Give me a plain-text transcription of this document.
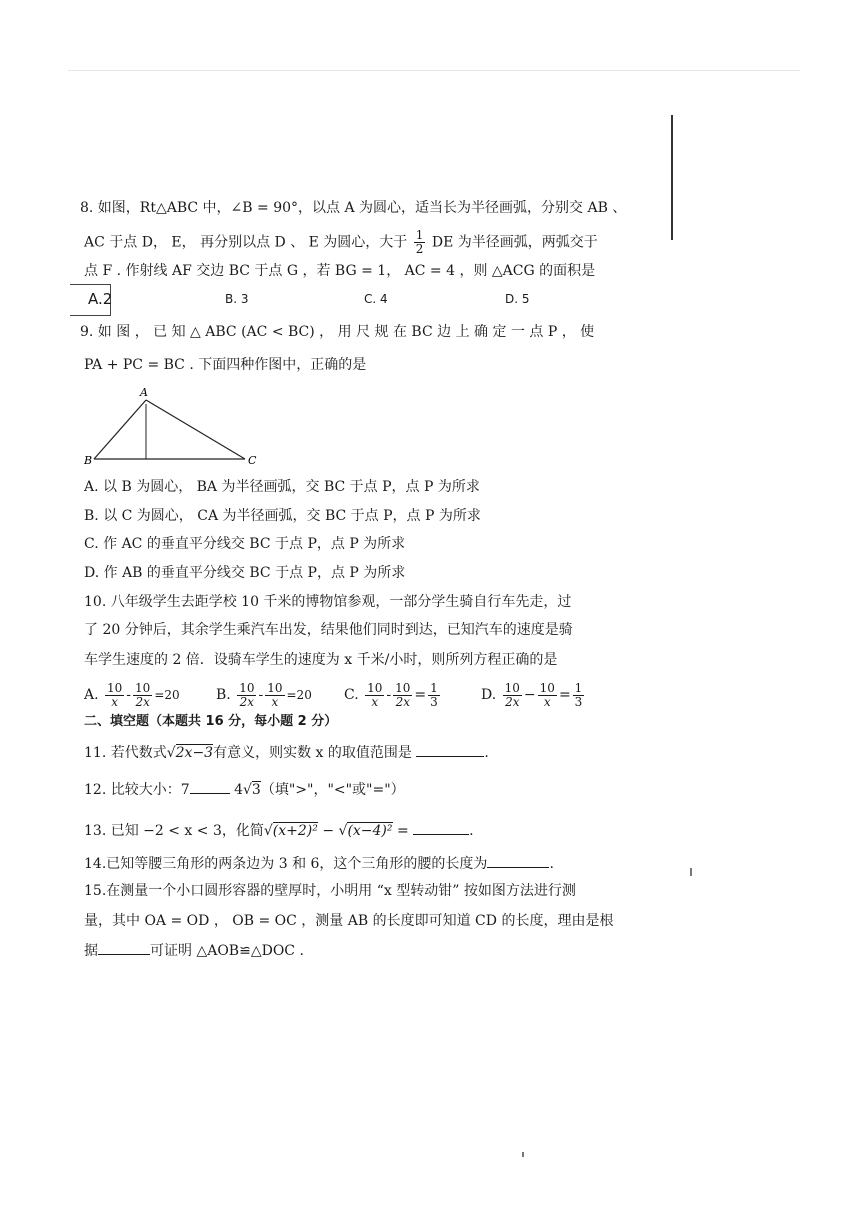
8. 如图，Rt△ABC 中，∠B = 90°，以点 A 为圆心，适当长为半径画弧，分别交 AB 、
AC 于点 D， E， 再分别以点 D 、 E 为圆心，大于 $\frac{1}{2}$ DE 为半径画弧，两弧交于
点 F . 作射线 AF 交边 BC 于点 G ，若 BG = 1， AC = 4 ，则 △ACG 的面积是
A.2	B. 3	C. 4	D. 5
9. 如 图 ， 已 知 △ ABC (AC < BC) ， 用 尺 规 在 BC 边 上 确 定 一 点 P ， 使
PA + PC = BC . 下面四种作图中，正确的是
A
B	C
A. 以 B 为圆心， BA 为半径画弧，交 BC 于点 P，点 P 为所求
B. 以 C 为圆心， CA 为半径画弧，交 BC 于点 P，点 P 为所求
C. 作 AC 的垂直平分线交 BC 于点 P，点 P 为所求
D. 作 AB 的垂直平分线交 BC 于点 P，点 P 为所求
10. 八年级学生去距学校 10 千米的博物馆参观，一部分学生骑自行车先走，过
了 20 分钟后，其余学生乘汽车出发，结果他们同时到达，已知汽车的速度是骑
车学生速度的 2 倍．设骑车学生的速度为 x 千米/小时，则所列方程正确的是
A. $\frac{10}{x} - \frac{10}{2x} =20$	B. $\frac{10}{2x} - \frac{10}{x} =20$ C. $\frac{10}{x} - \frac{10}{2x} = \frac{1}{3}$	D. $\frac{10}{2x} - \frac{10}{x} = \frac{1}{3}$
二、填空题（本题共 16 分，每小题 2 分）
11. 若代数式√2x−3有意义，则实数 x 的取值范围是	.
12. 比较大小：7	4√3（填">"，"<"或"="）
13. 已知 −2 < x < 3，化简√(x+2)² − √(x−4)² =	.
14.已知等腰三角形的两条边为 3 和 6，这个三角形的腰的长度为	.
15.在测量一个小口圆形容器的壁厚时，小明用 “x 型转动钳” 按如图方法进行测
量，其中 OA = OD ， OB = OC ，测量 AB 的长度即可知道 CD 的长度，理由是根
据	可证明 △AOB≌△DOC .
